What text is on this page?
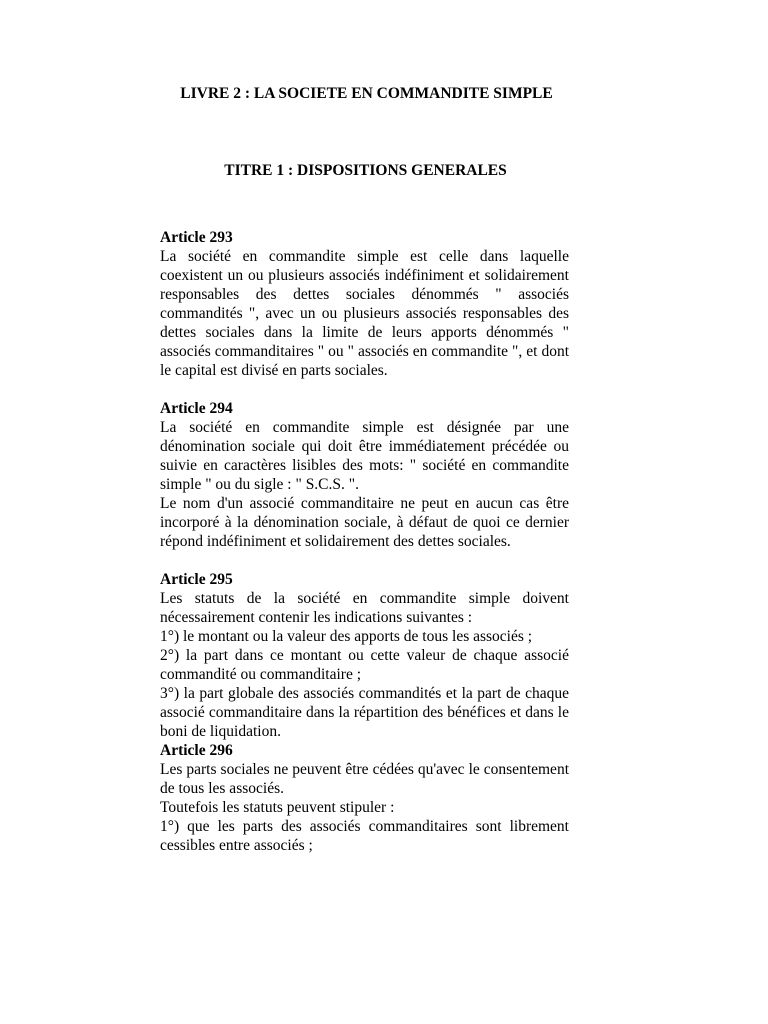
LIVRE 2 : LA SOCIETE EN COMMANDITE SIMPLE

TITRE 1 : DISPOSITIONS GENERALES

Article 293

La société en commandite simple est celle dans laquelle coexistent un ou plusieurs associés indéfiniment et solidairement responsables des dettes sociales dénommés " associés commandités ", avec un ou plusieurs associés responsables des dettes sociales dans la limite de leurs apports dénommés " associés commanditaires " ou " associés en commandite ", et dont le capital est divisé en parts sociales.

Article 294

La société en commandite simple est désignée par une dénomination sociale qui doit être immédiatement précédée ou suivie en caractères lisibles des mots: " société en commandite simple " ou du sigle : " S.C.S. ".

Le nom d'un associé commanditaire ne peut en aucun cas être incorporé à la dénomination sociale, à défaut de quoi ce dernier répond indéfiniment et solidairement des dettes sociales.

Article 295

Les statuts de la société en commandite simple doivent nécessairement contenir les indications suivantes :

1°) le montant ou la valeur des apports de tous les associés ;

2°) la part dans ce montant ou cette valeur de chaque associé commandité ou commanditaire ;

3°) la part globale des associés commandités et la part de chaque associé commanditaire dans la répartition des bénéfices et dans le boni de liquidation.

Article 296

Les parts sociales ne peuvent être cédées qu'avec le consentement de tous les associés.

Toutefois les statuts peuvent stipuler :

1°) que les parts des associés commanditaires sont librement cessibles entre associés ;
